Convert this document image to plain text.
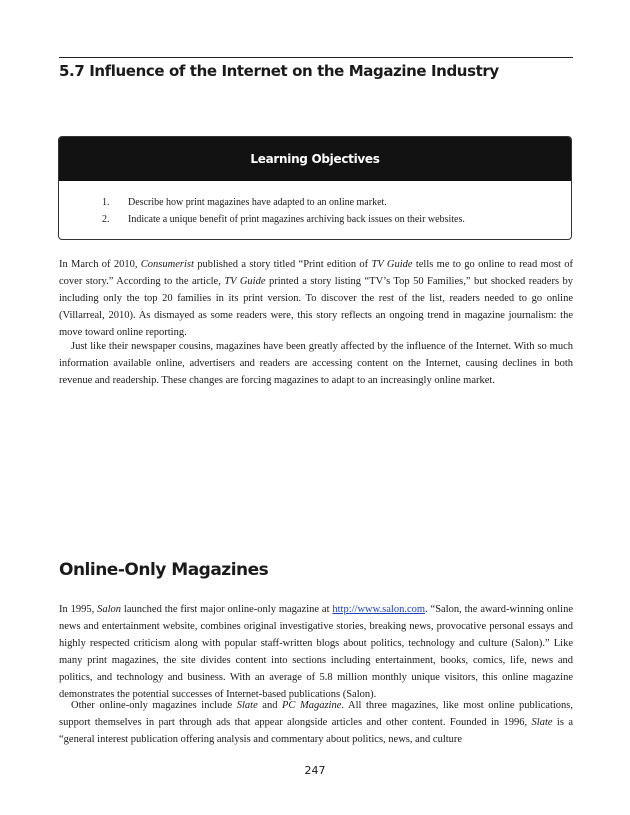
5.7 Influence of the Internet on the Magazine Industry
Learning Objectives
1. Describe how print magazines have adapted to an online market.
2. Indicate a unique benefit of print magazines archiving back issues on their websites.

In March of 2010, Consumerist published a story titled “Print edition of TV Guide tells me to go online to read most of cover story.” According to the article, TV Guide printed a story listing “TV’s Top 50 Families,” but shocked readers by including only the top 20 families in its print version. To discover the rest of the list, readers needed to go online (Villarreal, 2010). As dismayed as some readers were, this story reflects an ongoing trend in magazine journalism: the move toward online reporting.

Just like their newspaper cousins, magazines have been greatly affected by the influence of the Internet. With so much information available online, advertisers and readers are accessing content on the Internet, causing declines in both revenue and readership. These changes are forcing magazines to adapt to an increasingly online market.

Online-Only Magazines

In 1995, Salon launched the first major online-only magazine at http://www.salon.com. “Salon, the award-winning online news and entertainment website, combines original investigative stories, breaking news, provocative personal essays and highly respected criticism along with popular staff-written blogs about politics, technology and culture (Salon).” Like many print magazines, the site divides content into sections including entertainment, books, comics, life, news and politics, and technology and business. With an average of 5.8 million monthly unique visitors, this online magazine demonstrates the potential successes of Internet-based publications (Salon).

Other online-only magazines include Slate and PC Magazine. All three magazines, like most online publications, support themselves in part through ads that appear alongside articles and other content. Founded in 1996, Slate is a “general interest publication offering analysis and commentary about politics, news, and culture

247
